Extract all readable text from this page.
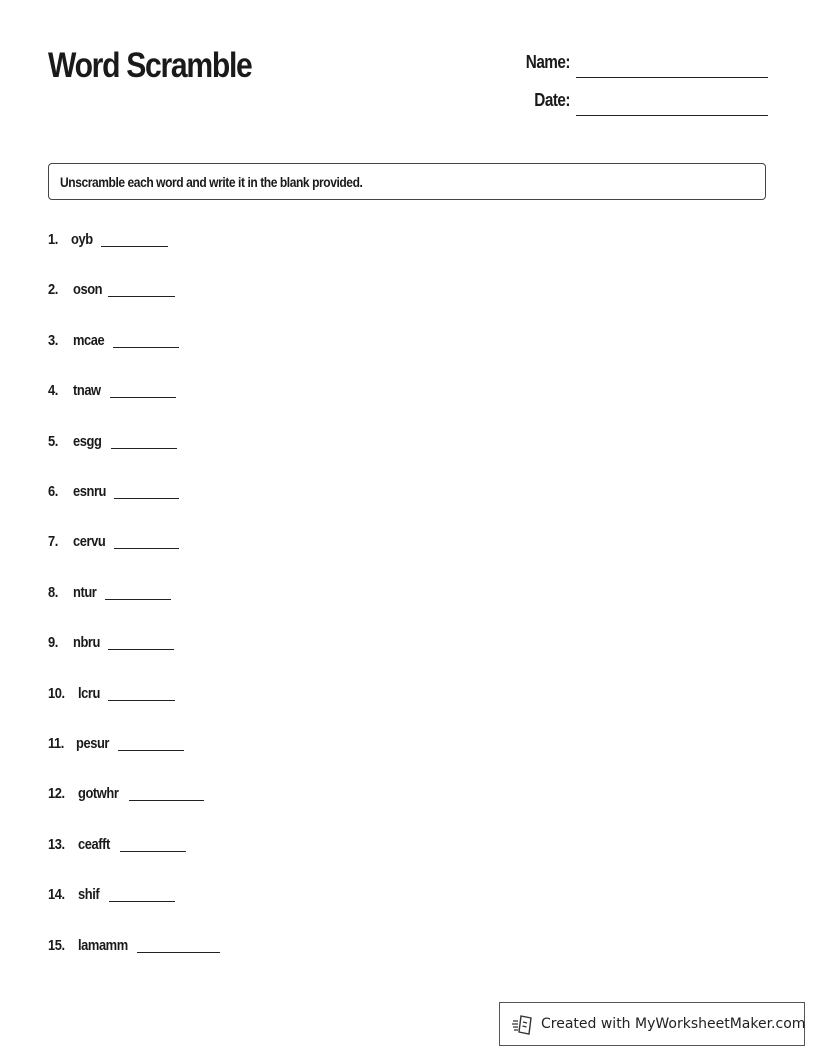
Word Scramble	Name:
Date:
Unscramble each word and write it in the blank provided.
1. oyb
2. oson
3. mcae
4. tnaw
5. esgg
6. esnru
7. cervu
8. ntur
9. nbru
10. lcru
11. pesur
12. gotwhr
13. ceafft
14. shif
15. lamamm
Created with MyWorksheetMaker.com
